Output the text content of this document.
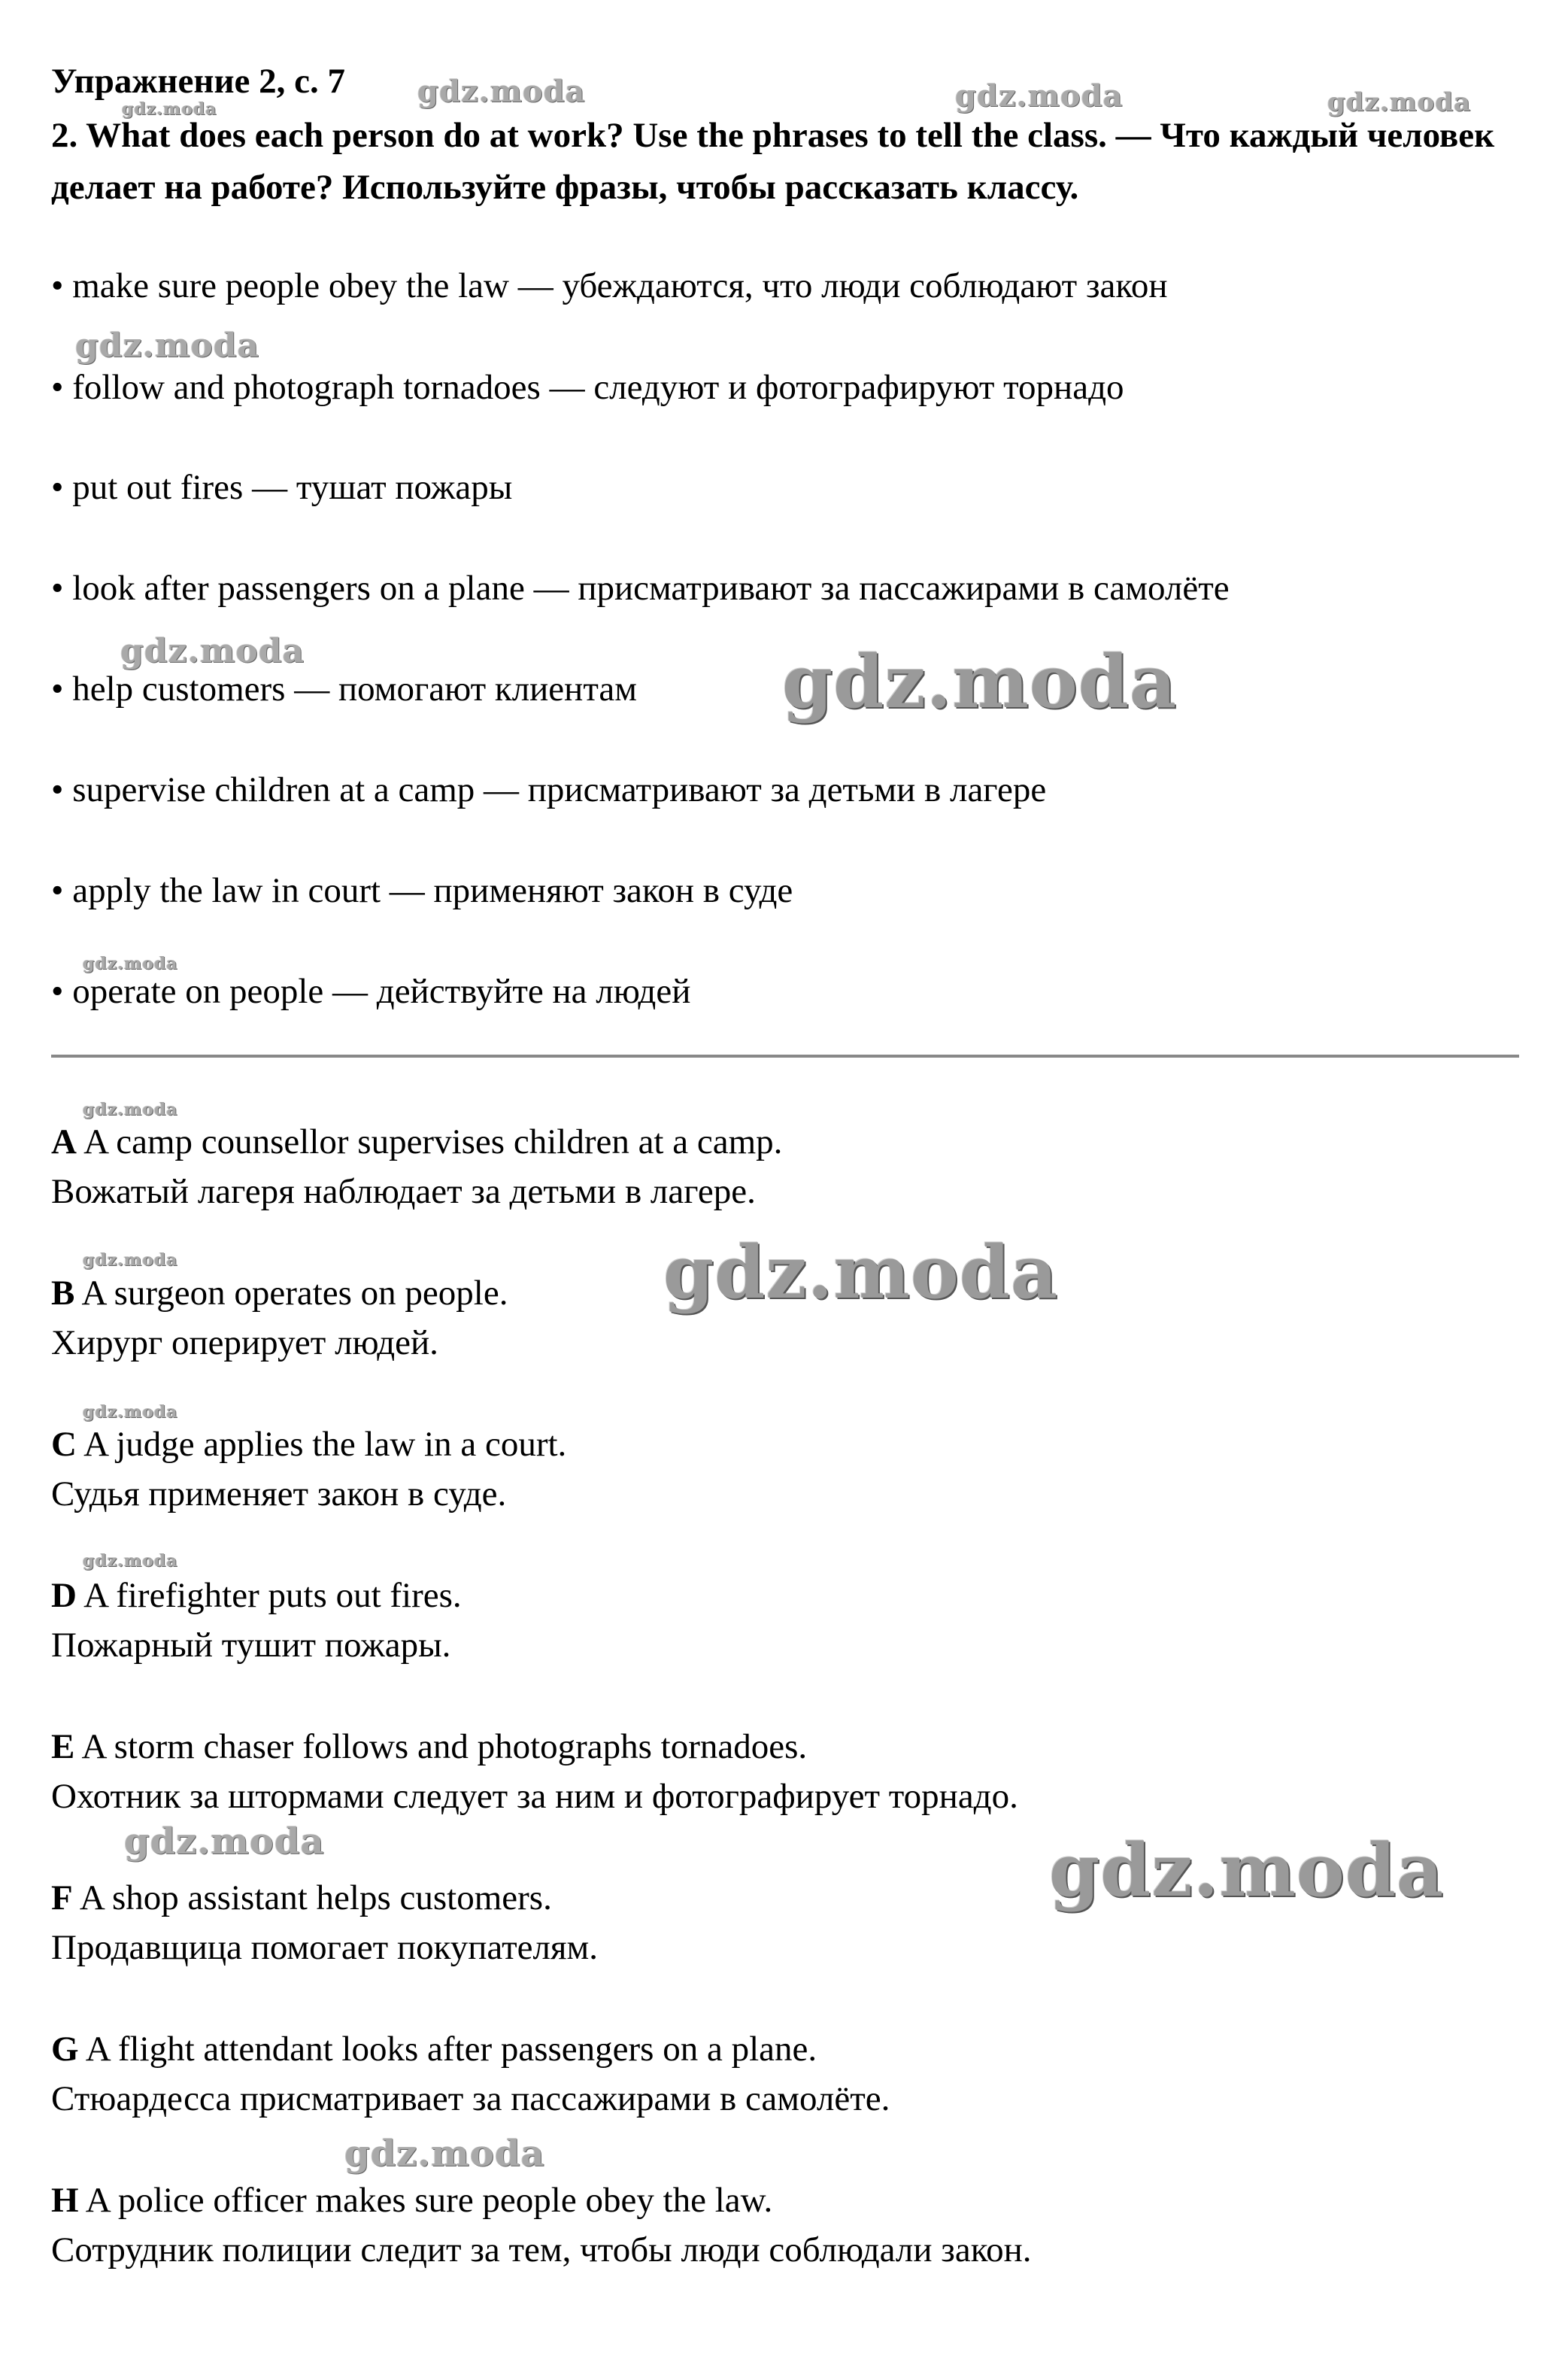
Упражнение 2, с. 7
2. What does each person do at work? Use the phrases to tell the class. — Что каждый человек делает на работе? Используйте фразы, чтобы рассказать классу.
• make sure people obey the law — убеждаются, что люди соблюдают закон
• follow and photograph tornadoes — следуют и фотографируют торнадо
• put out fires — тушат пожары
• look after passengers on a plane — присматривают за пассажирами в самолёте
• help customers — помогают клиентам
• supervise children at a camp — присматривают за детьми в лагере
• apply the law in court — применяют закон в суде
• operate on people — действуйте на людей
A A camp counsellor supervises children at a camp.
Вожатый лагеря наблюдает за детьми в лагере.
B A surgeon operates on people.
Хирург оперирует людей.
C A judge applies the law in a court.
Судья применяет закон в суде.
D A firefighter puts out fires.
Пожарный тушит пожары.
E A storm chaser follows and photographs tornadoes.
Охотник за штормами следует за ним и фотографирует торнадо.
F A shop assistant helps customers.
Продавщица помогает покупателям.
G A flight attendant looks after passengers on a plane.
Стюардесса присматривает за пассажирами в самолёте.
H A police officer makes sure people obey the law.
Сотрудник полиции следит за тем, чтобы люди соблюдали закон.
gdz.moda
gdz.moda	gdz.moda	gdz.moda
gdz.moda
gdz.moda	gdz.moda
gdz.moda
gdz.moda
gdz.moda	gdz.moda
gdz.moda
gdz.moda
gdz.moda	gdz.moda
gdz.moda
